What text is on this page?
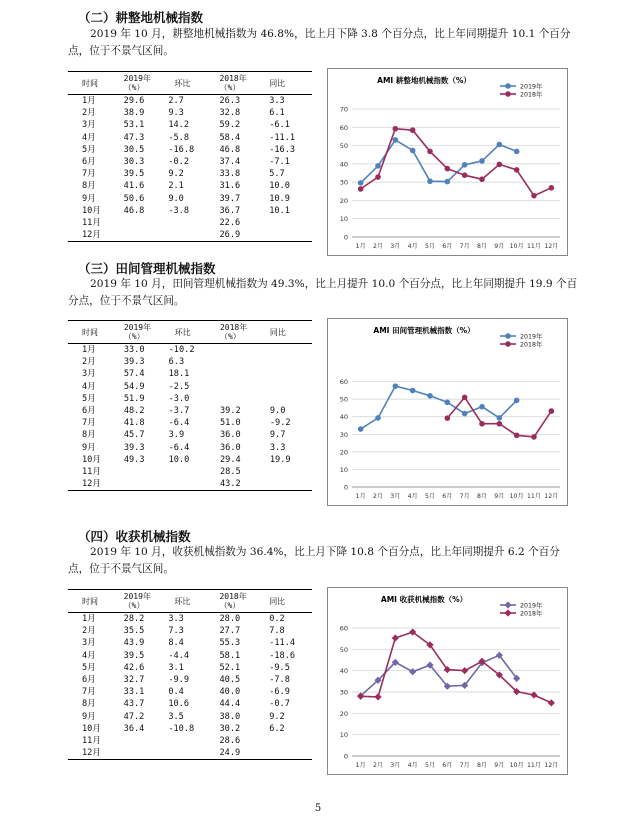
（二）耕整地机械指数
2019 年 10 月，耕整地机械指数为 46.8%，比上月下降 3.8 个百分点，比上年同期提升 10.1 个百分点，位于不景气区间。
时间	2019年
（%）	环比	2018年
（%）	同比
1月	29.6	2.7	26.3	3.3
2月	38.9	9.3	32.8	6.1
3月	53.1	14.2	59.2	-6.1
4月	47.3	-5.8	58.4	-11.1
5月	30.5	-16.8	46.8	-16.3
6月	30.3	-0.2	37.4	-7.1
7月	39.5	9.2	33.8	5.7
8月	41.6	2.1	31.6	10.0
9月	50.6	9.0	39.7	10.9
10月	46.8	-3.8	36.7	10.1
11月			22.6	
12月			26.9	
AMI 耕整地机械指数（%）
0
10
20
30
40
50
60
70
1月 2月 3月 4月 5月 6月 7月 8月 9月 10月 11月 12月
2019年
2018年
（三）田间管理机械指数
2019 年 10 月，田间管理机械指数为 49.3%，比上月提升 10.0 个百分点，比上年同期提升 19.9 个百分点，位于不景气区间。
时间	2019年
（%）	环比	2018年
（%）	同比
1月	33.0	-10.2		
2月	39.3	6.3		
3月	57.4	18.1		
4月	54.9	-2.5		
5月	51.9	-3.0		
6月	48.2	-3.7	39.2	9.0
7月	41.8	-6.4	51.0	-9.2
8月	45.7	3.9	36.0	9.7
9月	39.3	-6.4	36.0	3.3
10月	49.3	10.0	29.4	19.9
11月			28.5	
12月			43.2	
AMI 田间管理机械指数（%）
0
10
20
30
40
50
60
1月 2月 3月 4月 5月 6月 7月 8月 9月 10月 11月 12月
2019年
2018年
（四）收获机械指数
2019 年 10 月，收获机械指数为 36.4%，比上月下降 10.8 个百分点，比上年同期提升 6.2 个百分点，位于不景气区间。
时间	2019年
（%）	环比	2018年
（%）	同比
1月	28.2	3.3	28.0	0.2
2月	35.5	7.3	27.7	7.8
3月	43.9	8.4	55.3	-11.4
4月	39.5	-4.4	58.1	-18.6
5月	42.6	3.1	52.1	-9.5
6月	32.7	-9.9	40.5	-7.8
7月	33.1	0.4	40.0	-6.9
8月	43.7	10.6	44.4	-0.7
9月	47.2	3.5	38.0	9.2
10月	36.4	-10.8	30.2	6.2
11月			28.6	
12月			24.9	
AMI 收获机械指数（%）
0
10
20
30
40
50
60
1月 2月 3月 4月 5月 6月 7月 8月 9月 10月 11月 12月
2019年
2018年
5
